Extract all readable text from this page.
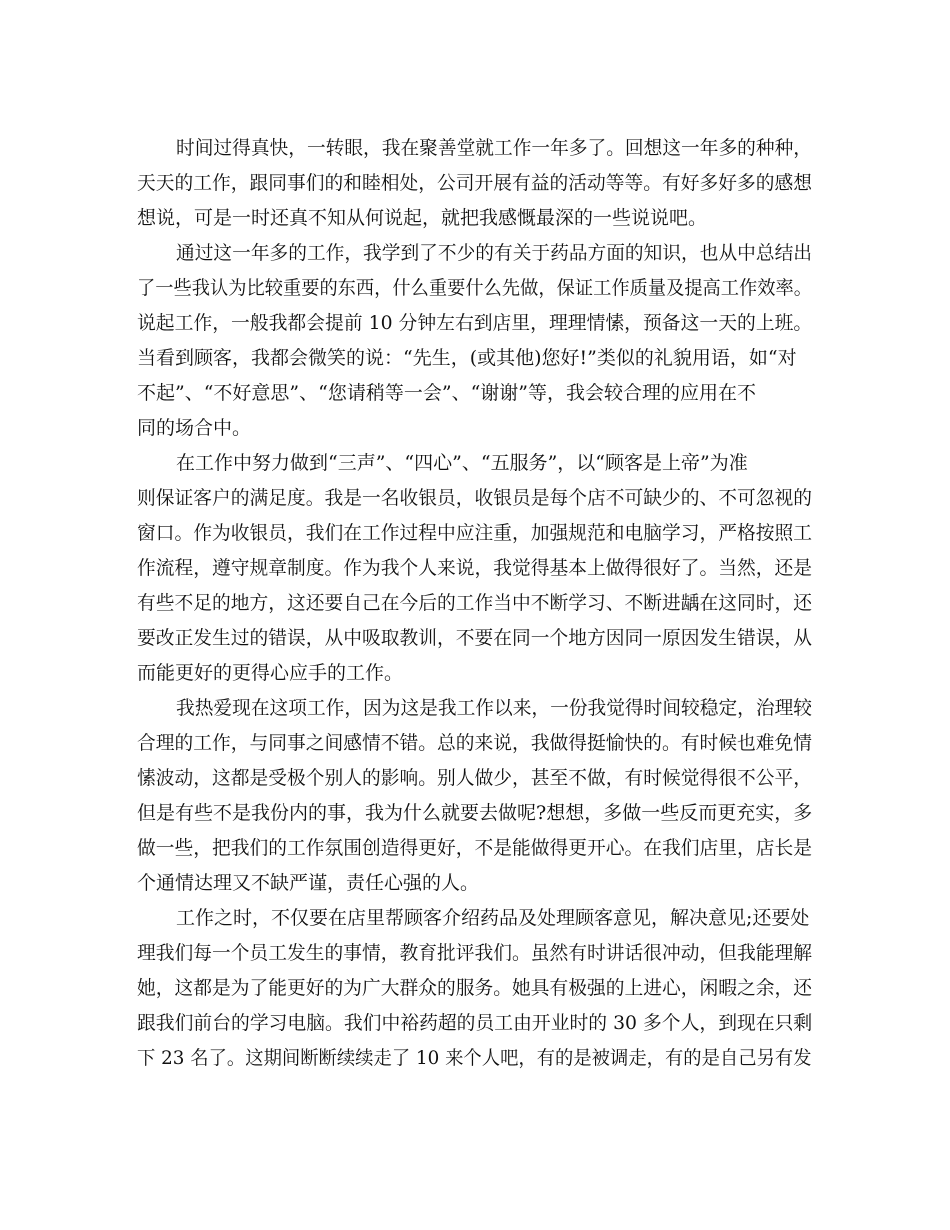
时间过得真快，一转眼，我在聚善堂就工作一年多了。回想这一年多的种种，
天天的工作，跟同事们的和睦相处，公司开展有益的活动等等。有好多好多的感想
想说，可是一时还真不知从何说起，就把我感慨最深的一些说说吧。
通过这一年多的工作，我学到了不少的有关于药品方面的知识，也从中总结出
了一些我认为比较重要的东西，什么重要什么先做，保证工作质量及提高工作效率。
说起工作，一般我都会提前 10 分钟左右到店里，理理情愫，预备这一天的上班。
当看到顾客，我都会微笑的说：“先生，(或其他)您好!”类似的礼貌用语，如“对
不起”、“不好意思”、“您请稍等一会”、“谢谢”等，我会较合理的应用在不
同的场合中。
在工作中努力做到“三声”、“四心”、“五服务”，以“顾客是上帝”为准
则保证客户的满足度。我是一名收银员，收银员是每个店不可缺少的、不可忽视的
窗口。作为收银员，我们在工作过程中应注重，加强规范和电脑学习，严格按照工
作流程，遵守规章制度。作为我个人来说，我觉得基本上做得很好了。当然，还是
有些不足的地方，这还要自己在今后的工作当中不断学习、不断进龋在这同时，还
要改正发生过的错误，从中吸取教训，不要在同一个地方因同一原因发生错误，从
而能更好的更得心应手的工作。
我热爱现在这项工作，因为这是我工作以来，一份我觉得时间较稳定，治理较
合理的工作，与同事之间感情不错。总的来说，我做得挺愉快的。有时候也难免情
愫波动，这都是受极个别人的影响。别人做少，甚至不做，有时候觉得很不公平，
但是有些不是我份内的事，我为什么就要去做呢?想想，多做一些反而更充实，多
做一些，把我们的工作氛围创造得更好，不是能做得更开心。在我们店里，店长是
个通情达理又不缺严谨，责任心强的人。
工作之时，不仅要在店里帮顾客介绍药品及处理顾客意见，解决意见;还要处
理我们每一个员工发生的事情，教育批评我们。虽然有时讲话很冲动，但我能理解
她，这都是为了能更好的为广大群众的服务。她具有极强的上进心，闲暇之余，还
跟我们前台的学习电脑。我们中裕药超的员工由开业时的 30 多个人，到现在只剩
下 23 名了。这期间断断续续走了 10 来个人吧，有的是被调走，有的是自己另有发
